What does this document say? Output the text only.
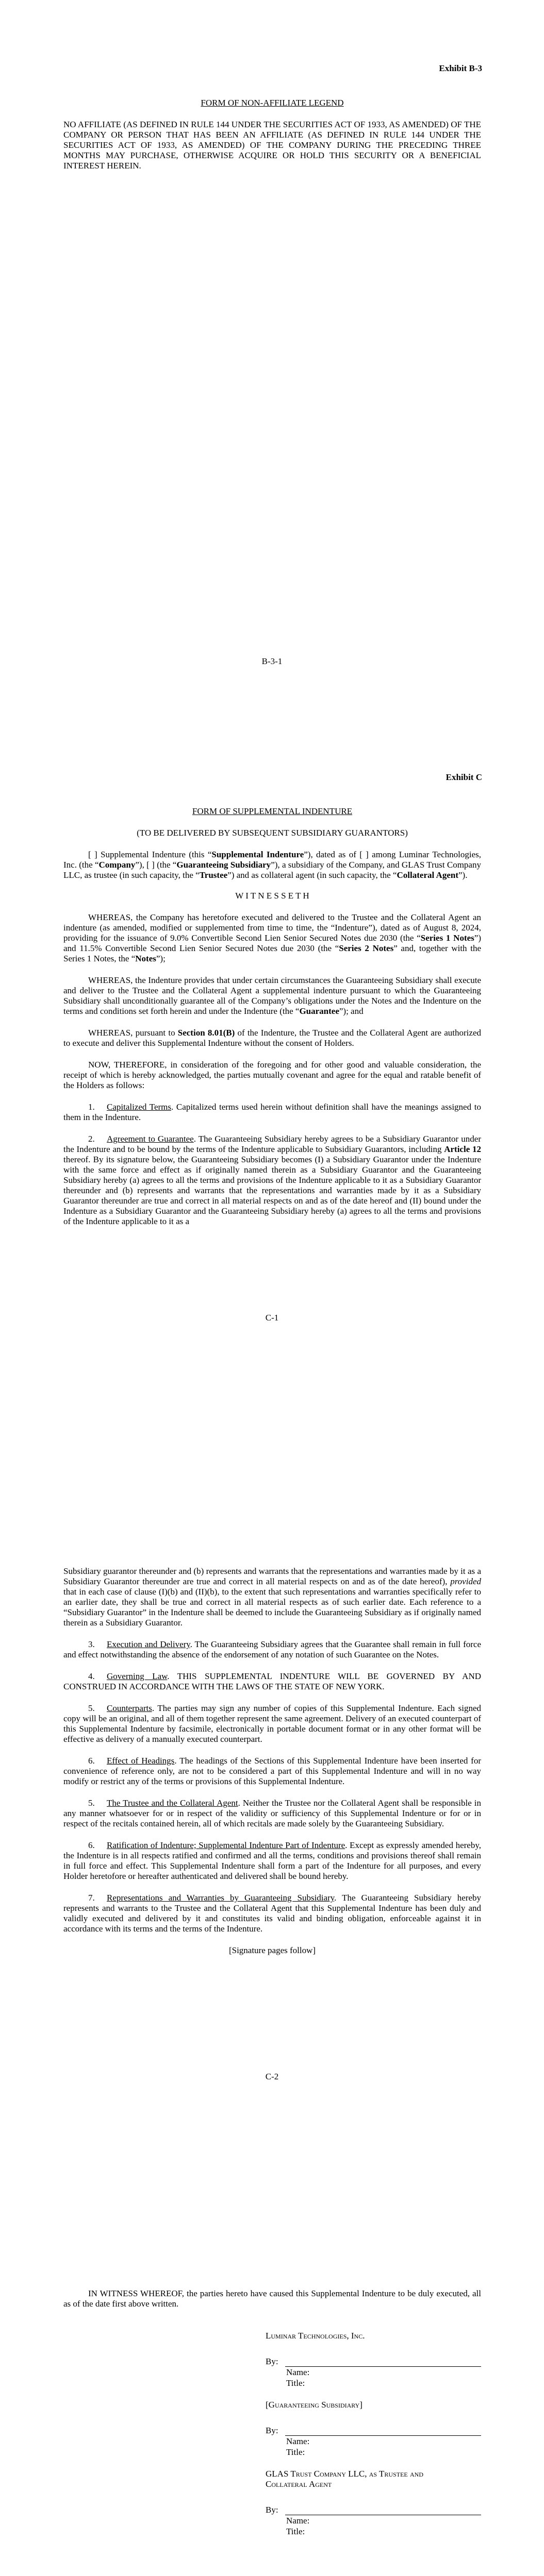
Exhibit B-3
FORM OF NON-AFFILIATE LEGEND

NO AFFILIATE (AS DEFINED IN RULE 144 UNDER THE SECURITIES ACT OF 1933, AS AMENDED) OF THE COMPANY OR PERSON THAT HAS BEEN AN AFFILIATE (AS DEFINED IN RULE 144 UNDER THE SECURITIES ACT OF 1933, AS AMENDED) OF THE COMPANY DURING THE PRECEDING THREE MONTHS MAY PURCHASE, OTHERWISE ACQUIRE OR HOLD THIS SECURITY OR A BENEFICIAL INTEREST HEREIN.

B-3-1
Exhibit C
FORM OF SUPPLEMENTAL INDENTURE
(TO BE DELIVERED BY SUBSEQUENT SUBSIDIARY GUARANTORS)

[ ] Supplemental Indenture (this “Supplemental Indenture”), dated as of [ ] among Luminar Technologies, Inc. (the “Company”), [ ] (the “Guaranteeing Subsidiary”), a subsidiary of the Company, and GLAS Trust Company LLC, as trustee (in such capacity, the “Trustee”) and as collateral agent (in such capacity, the “Collateral Agent”).

W I T N E S S E T H

WHEREAS, the Company has heretofore executed and delivered to the Trustee and the Collateral Agent an indenture (as amended, modified or supplemented from time to time, the “Indenture”), dated as of August 8, 2024, providing for the issuance of 9.0% Convertible Second Lien Senior Secured Notes due 2030 (the “Series 1 Notes”) and 11.5% Convertible Second Lien Senior Secured Notes due 2030 (the “Series 2 Notes” and, together with the Series 1 Notes, the “Notes”);

WHEREAS, the Indenture provides that under certain circumstances the Guaranteeing Subsidiary shall execute and deliver to the Trustee and the Collateral Agent a supplemental indenture pursuant to which the Guaranteeing Subsidiary shall unconditionally guarantee all of the Company’s obligations under the Notes and the Indenture on the terms and conditions set forth herein and under the Indenture (the “Guarantee”); and

WHEREAS, pursuant to Section 8.01(B) of the Indenture, the Trustee and the Collateral Agent are authorized to execute and deliver this Supplemental Indenture without the consent of Holders.

NOW, THEREFORE, in consideration of the foregoing and for other good and valuable consideration, the receipt of which is hereby acknowledged, the parties mutually covenant and agree for the equal and ratable benefit of the Holders as follows:

1. Capitalized Terms. Capitalized terms used herein without definition shall have the meanings assigned to them in the Indenture.

2. Agreement to Guarantee. The Guaranteeing Subsidiary hereby agrees to be a Subsidiary Guarantor under the Indenture and to be bound by the terms of the Indenture applicable to Subsidiary Guarantors, including Article 12 thereof. By its signature below, the Guaranteeing Subsidiary becomes (I) a Subsidiary Guarantor under the Indenture with the same force and effect as if originally named therein as a Subsidiary Guarantor and the Guaranteeing Subsidiary hereby (a) agrees to all the terms and provisions of the Indenture applicable to it as a Subsidiary Guarantor thereunder and (b) represents and warrants that the representations and warranties made by it as a Subsidiary Guarantor thereunder are true and correct in all material respects on and as of the date hereof and (II) bound under the Indenture as a Subsidiary Guarantor and the Guaranteeing Subsidiary hereby (a) agrees to all the terms and provisions of the Indenture applicable to it as a

C-1

Subsidiary guarantor thereunder and (b) represents and warrants that the representations and warranties made by it as a Subsidiary Guarantor thereunder are true and correct in all material respects on and as of the date hereof), provided that in each case of clause (I)(b) and (II)(b), to the extent that such representations and warranties specifically refer to an earlier date, they shall be true and correct in all material respects as of such earlier date. Each reference to a “Subsidiary Guarantor” in the Indenture shall be deemed to include the Guaranteeing Subsidiary as if originally named therein as a Subsidiary Guarantor.

3. Execution and Delivery. The Guaranteeing Subsidiary agrees that the Guarantee shall remain in full force and effect notwithstanding the absence of the endorsement of any notation of such Guarantee on the Notes.

4. Governing Law. THIS SUPPLEMENTAL INDENTURE WILL BE GOVERNED BY AND CONSTRUED IN ACCORDANCE WITH THE LAWS OF THE STATE OF NEW YORK.

5. Counterparts. The parties may sign any number of copies of this Supplemental Indenture. Each signed copy will be an original, and all of them together represent the same agreement. Delivery of an executed counterpart of this Supplemental Indenture by facsimile, electronically in portable document format or in any other format will be effective as delivery of a manually executed counterpart.

6. Effect of Headings. The headings of the Sections of this Supplemental Indenture have been inserted for convenience of reference only, are not to be considered a part of this Supplemental Indenture and will in no way modify or restrict any of the terms or provisions of this Supplemental Indenture.

5. The Trustee and the Collateral Agent. Neither the Trustee nor the Collateral Agent shall be responsible in any manner whatsoever for or in respect of the validity or sufficiency of this Supplemental Indenture or for or in respect of the recitals contained herein, all of which recitals are made solely by the Guaranteeing Subsidiary.

6. Ratification of Indenture; Supplemental Indenture Part of Indenture. Except as expressly amended hereby, the Indenture is in all respects ratified and confirmed and all the terms, conditions and provisions thereof shall remain in full force and effect. This Supplemental Indenture shall form a part of the Indenture for all purposes, and every Holder heretofore or hereafter authenticated and delivered shall be bound hereby.

7. Representations and Warranties by Guaranteeing Subsidiary. The Guaranteeing Subsidiary hereby represents and warrants to the Trustee and the Collateral Agent that this Supplemental Indenture has been duly and validly executed and delivered by it and constitutes its valid and binding obligation, enforceable against it in accordance with its terms and the terms of the Indenture.

[Signature pages follow]
C-2

IN WITNESS WHEREOF, the parties hereto have caused this Supplemental Indenture to be duly executed, all as of the date first above written.

Luminar Technologies, Inc.
By:
Name:
Title:
[Guaranteeing Subsidiary]
By:
Name:
Title:
GLAS Trust Company LLC, as Trustee and
Collateral Agent
By:
Name:
Title:
